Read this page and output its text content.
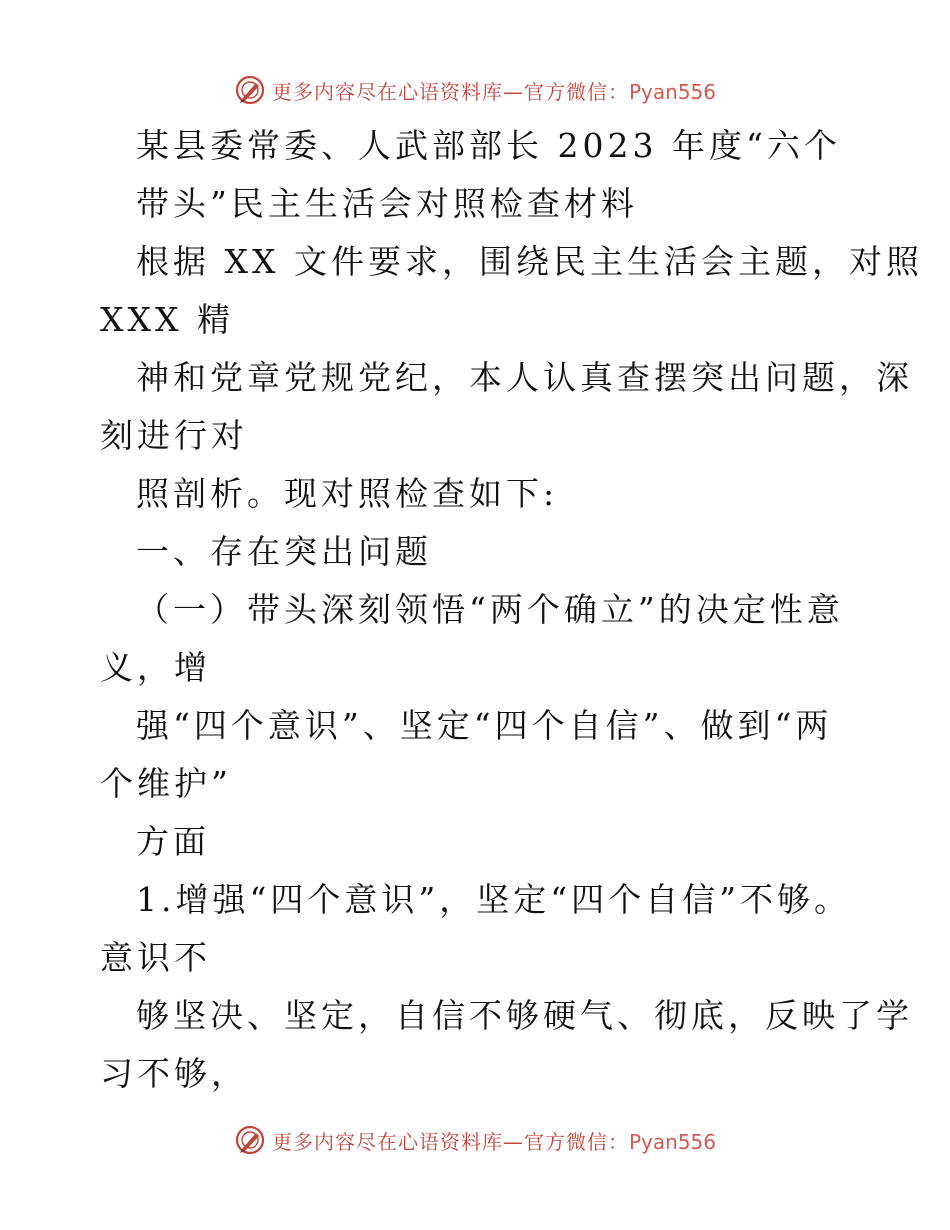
更多内容尽在心语资料库—官方微信：Pyan556
某县委常委、人武部部长 2023 年度“六个
带头”民主生活会对照检查材料
根据 XX 文件要求，围绕民主生活会主题，对照
XXX 精
神和党章党规党纪，本人认真查摆突出问题，深
刻进行对
照剖析。现对照检查如下:
一、存在突出问题
（一）带头深刻领悟“两个确立”的决定性意
义，增
强“四个意识”、坚定“四个自信”、做到“两
个维护”
方面
1.增强“四个意识”，坚定“四个自信”不够。
意识不
够坚决、坚定，自信不够硬气、彻底，反映了学
习不够，
更多内容尽在心语资料库—官方微信：Pyan556
